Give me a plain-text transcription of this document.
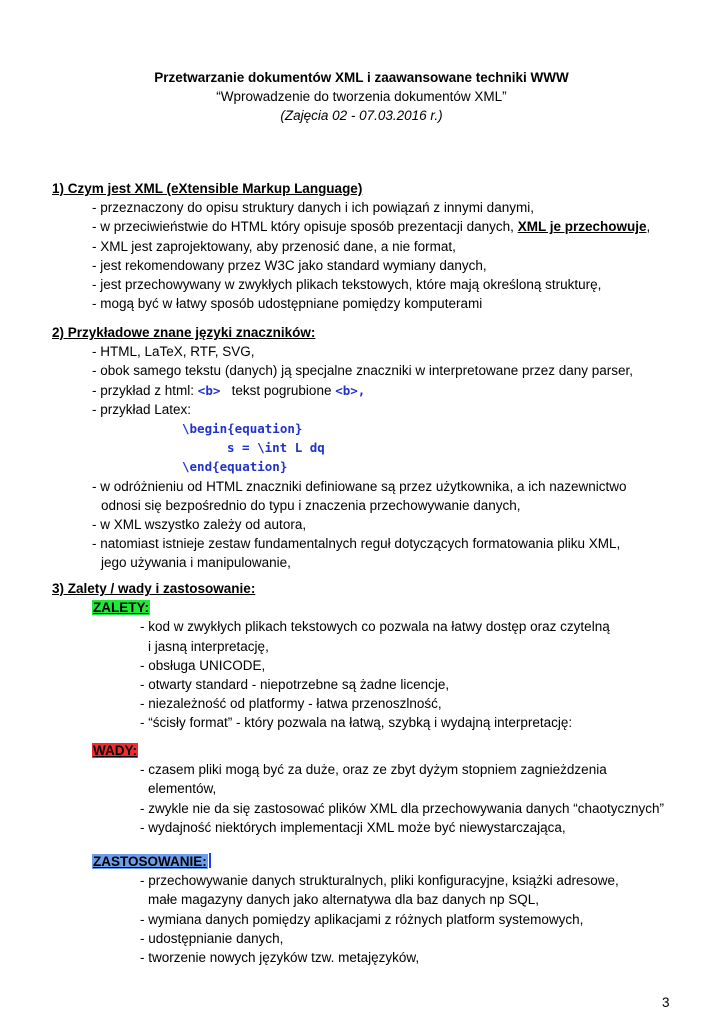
Przetwarzanie dokumentów XML i zaawansowane techniki WWW
“Wprowadzenie do tworzenia dokumentów XML”
(Zajęcia 02 - 07.03.2016 r.)
1) Czym jest XML (eXtensible Markup Language)
- przeznaczony do opisu struktury danych i ich powiązań z innymi danymi,
- w przeciwieństwie do HTML który opisuje sposób prezentacji danych, XML je przechowuje,
- XML jest zaprojektowany, aby przenosić dane, a nie format,
- jest rekomendowany przez W3C jako standard wymiany danych,
- jest przechowywany w zwykłych plikach tekstowych, które mają określoną strukturę,
- mogą być w łatwy sposób udostępniane pomiędzy komputerami
2) Przykładowe znane języki znaczników:
- HTML, LaTeX, RTF, SVG,
- obok samego tekstu (danych) ją specjalne znaczniki w interpretowane przez dany parser,
- przykład z html: <b> tekst pogrubione <b>,
- przykład Latex:
\begin{equation}
s = \int L dq
\end{equation}
- w odróżnieniu od HTML znaczniki definiowane są przez użytkownika, a ich nazewnictwo
odnosi się bezpośrednio do typu i znaczenia przechowywanie danych,
- w XML wszystko zależy od autora,
- natomiast istnieje zestaw fundamentalnych reguł dotyczących formatowania pliku XML,
jego używania i manipulowanie,
3) Zalety / wady i zastosowanie:
ZALETY:
- kod w zwykłych plikach tekstowych co pozwala na łatwy dostęp oraz czytelną
i jasną interpretację,
- obsługa UNICODE,
- otwarty standard - niepotrzebne są żadne licencje,
- niezależność od platformy - łatwa przenoszlność,
- “ścisły format” - który pozwala na łatwą, szybką i wydajną interpretację:
WADY:
- czasem pliki mogą być za duże, oraz ze zbyt dyżym stopniem zagnieżdzenia
elementów,
- zwykle nie da się zastosować plików XML dla przechowywania danych “chaotycznych”
- wydajność niektórych implementacji XML może być niewystarczająca,
ZASTOSOWANIE:
- przechowywanie danych strukturalnych, pliki konfiguracyjne, książki adresowe,
małe magazyny danych jako alternatywa dla baz danych np SQL,
- wymiana danych pomiędzy aplikacjami z różnych platform systemowych,
- udostępnianie danych,
- tworzenie nowych języków tzw. metajęzyków,
3
